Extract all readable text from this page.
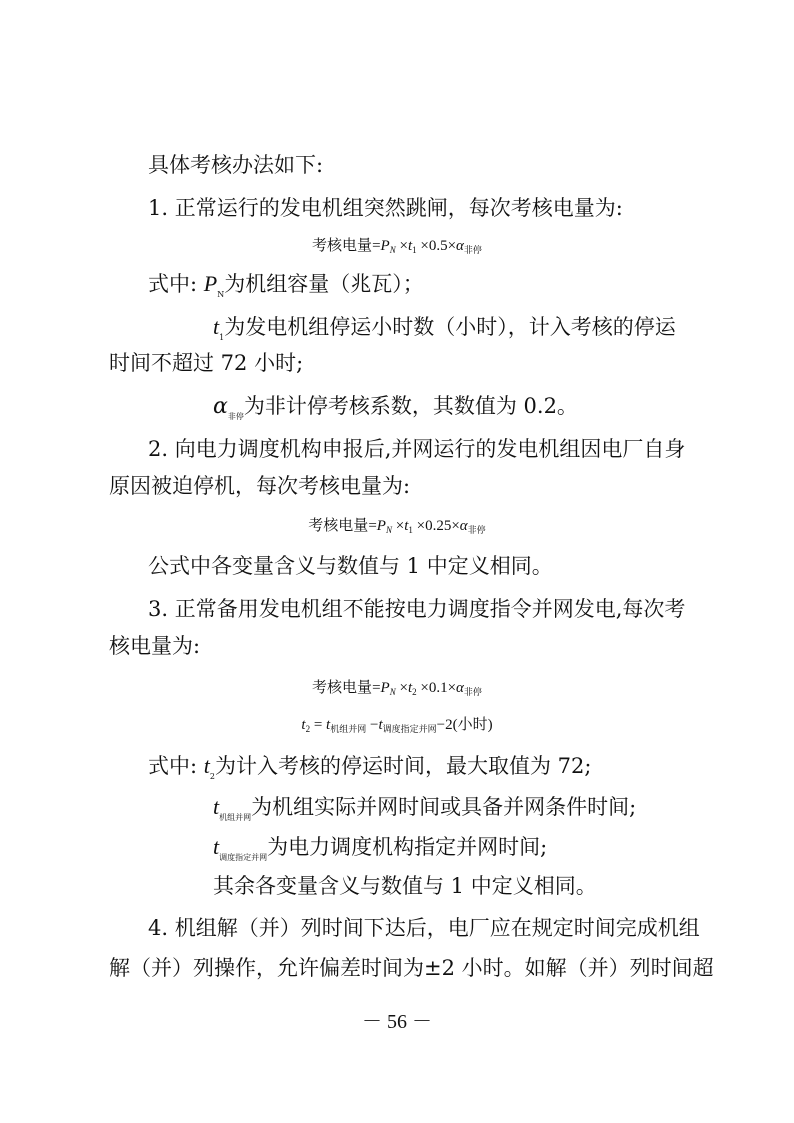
具体考核办法如下:
1. 正常运行的发电机组突然跳闸，每次考核电量为:
考核电量$=P_N \times t_1 \times 0.5\times\alpha_{非停}$
式中: $P_N$为机组容量（兆瓦）；
$t_1$为发电机组停运小时数（小时），计入考核的停运
时间不超过 72 小时;
$\alpha_{非停}$为非计停考核系数，其数值为 0.2。
2. 向电力调度机构申报后,并网运行的发电机组因电厂自身
原因被迫停机，每次考核电量为:
考核电量$=P_N \times t_1 \times 0.25\times\alpha_{非停}$
公式中各变量含义与数值与 1 中定义相同。
3. 正常备用发电机组不能按电力调度指令并网发电,每次考
核电量为:
考核电量$=P_N \times t_2 \times 0.1\times\alpha_{非停}$
$t_2 = t_{机组并网} -t_{调度指定并网}-2$(小时)
式中: $t_2$为计入考核的停运时间，最大取值为 72;
$t_{机组并网}$为机组实际并网时间或具备并网条件时间;
$t_{调度指定并网}$为电力调度机构指定并网时间;
其余各变量含义与数值与 1 中定义相同。
4. 机组解（并）列时间下达后，电厂应在规定时间完成机组
解（并）列操作，允许偏差时间为±2 小时。如解（并）列时间超
－ 56 －
